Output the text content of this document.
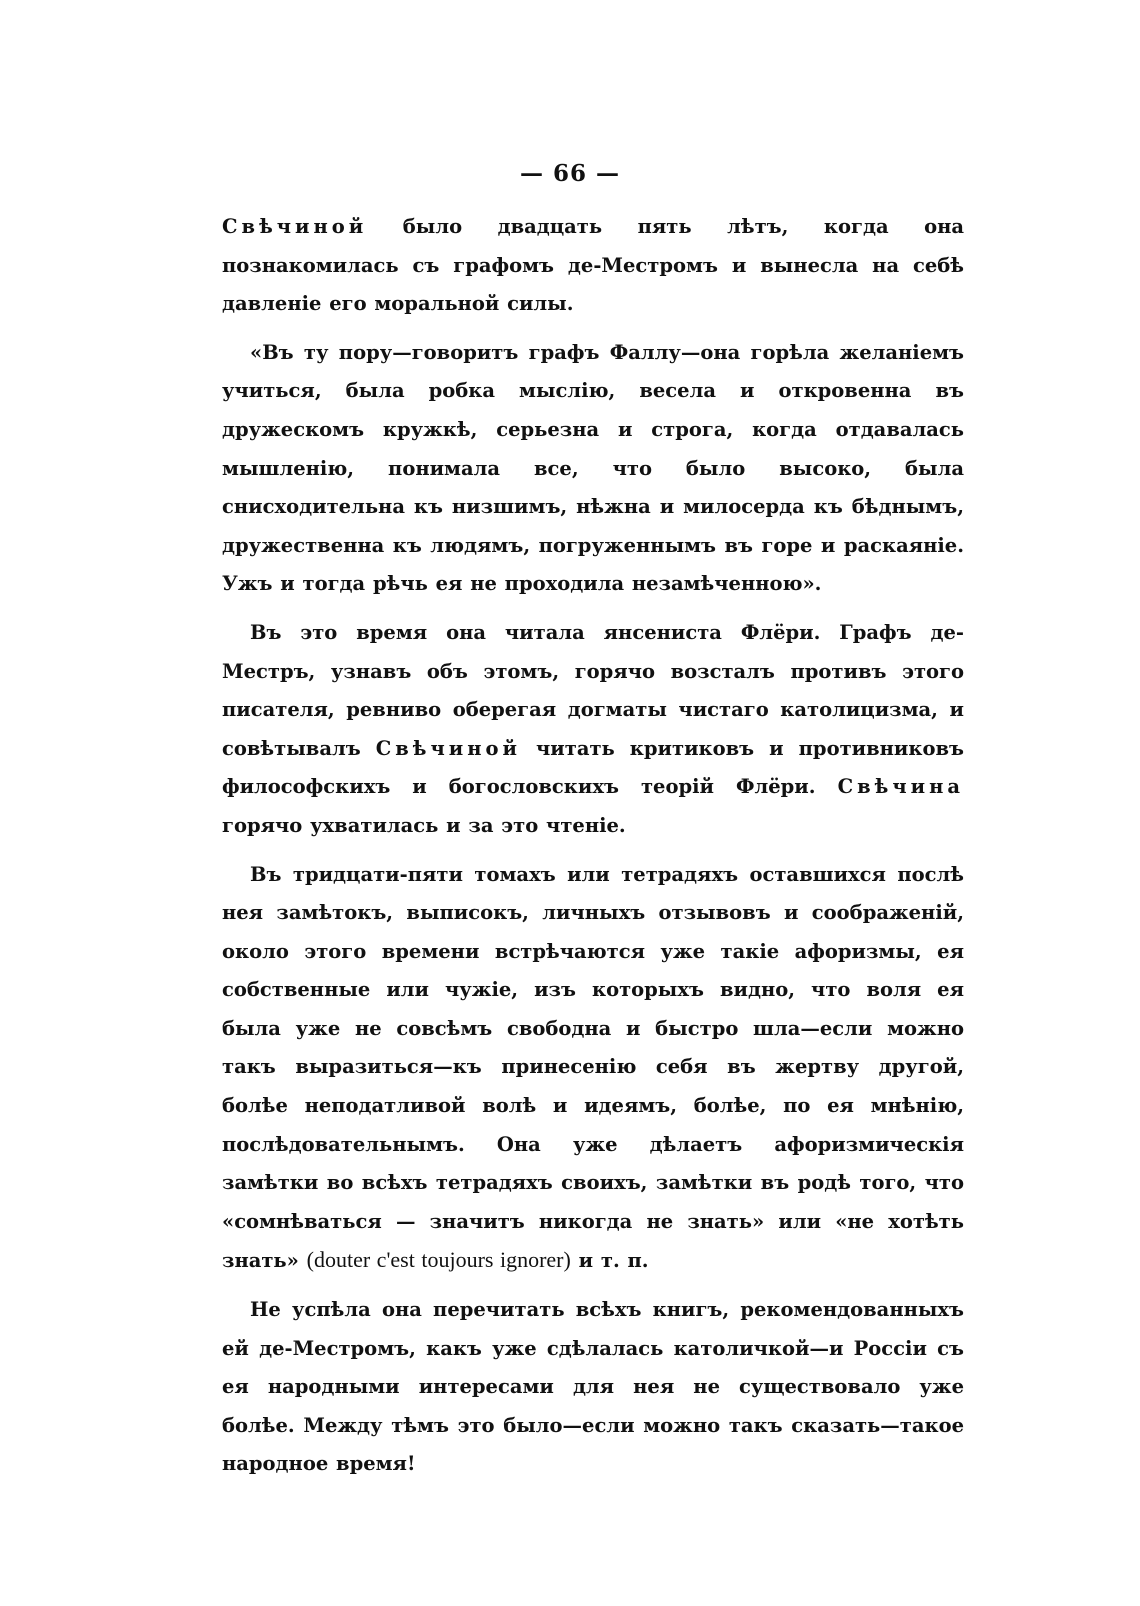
— 66 —

Свѣчиной было двадцать пять лѣтъ, когда она познакомилась съ графомъ де-Местромъ и вынесла на себѣ давленіе его моральной силы.

«Въ ту пору—говоритъ графъ Фаллу—она горѣла желаніемъ учиться, была робка мыслію, весела и откровенна въ дружескомъ кружкѣ, серьезна и строга, когда отдавалась мышленію, понимала все, что было высоко, была снисходительна къ низшимъ, нѣжна и милосерда къ бѣднымъ, дружественна къ людямъ, погруженнымъ въ горе и раскаяніе. Ужъ и тогда рѣчь ея не проходила незамѣченною».

Въ это время она читала янсениста Флёри. Графъ де-Местръ, узнавъ объ этомъ, горячо возсталъ противъ этого писателя, ревниво оберегая догматы чистаго католицизма, и совѣтывалъ Свѣчиной читать критиковъ и противниковъ философскихъ и богословскихъ теорій Флёри. Свѣчина горячо ухватилась и за это чтеніе.

Въ тридцати-пяти томахъ или тетрадяхъ оставшихся послѣ нея замѣтокъ, выписокъ, личныхъ отзывовъ и соображеній, около этого времени встрѣчаются уже такіе афоризмы, ея собственные или чужіе, изъ которыхъ видно, что воля ея была уже не совсѣмъ свободна и быстро шла—если можно такъ выразиться—къ принесенію себя въ жертву другой, болѣе неподатливой волѣ и идеямъ, болѣе, по ея мнѣнію, послѣдовательнымъ. Она уже дѣлаетъ афоризмическія замѣтки во всѣхъ тетрадяхъ своихъ, замѣтки въ родѣ того, что «сомнѣваться — значитъ никогда не знать» или «не хотѣть знать» (douter c'est toujours ignorer) и т. п.

Не успѣла она перечитать всѣхъ книгъ, рекомендованныхъ ей де-Местромъ, какъ уже сдѣлалась католичкой—и Россіи съ ея народными интересами для нея не существовало уже болѣе. Между тѣмъ это было—если можно такъ сказать—такое народное время!
